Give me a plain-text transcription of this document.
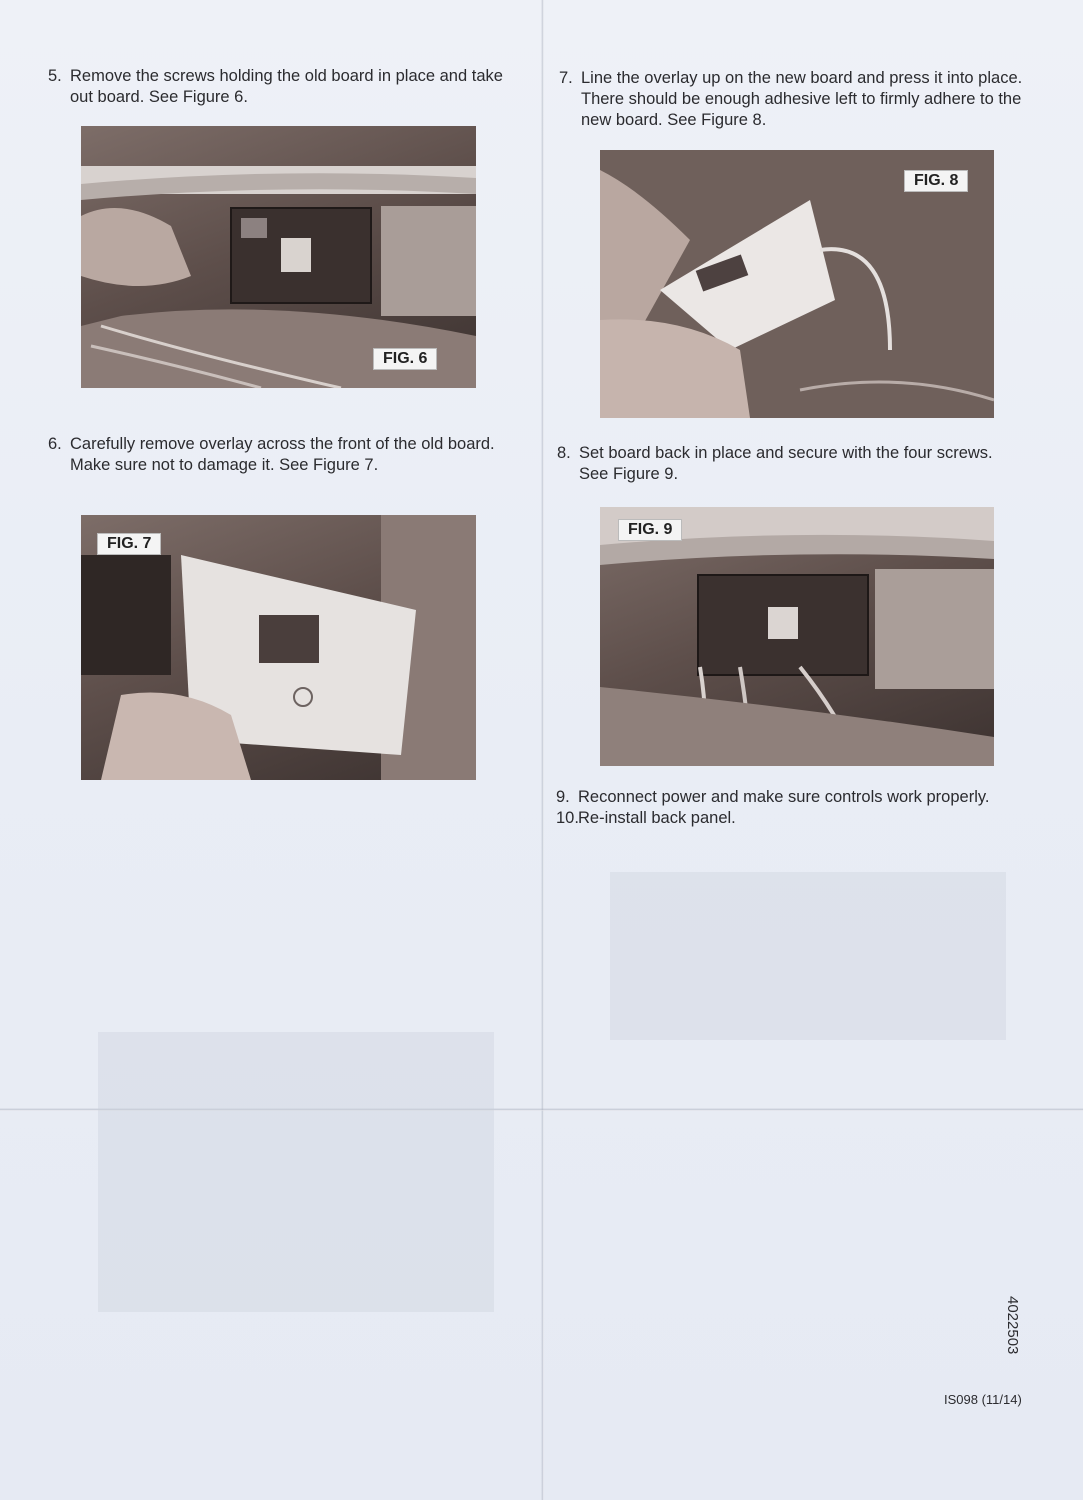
5. Remove the screws holding the old board in place and take out board. See Figure 6.
FIG. 6
6. Carefully remove overlay across the front of the old board. Make sure not to damage it. See Figure 7.
FIG. 7
7. Line the overlay up on the new board and press it into place. There should be enough adhesive left to firmly adhere to the new board. See Figure 8.
FIG. 8
8. Set board back in place and secure with the four screws. See Figure 9.
FIG. 9
9. Reconnect power and make sure controls work properly.
10. Re-install back panel.
4022503
IS098 (11/14)
